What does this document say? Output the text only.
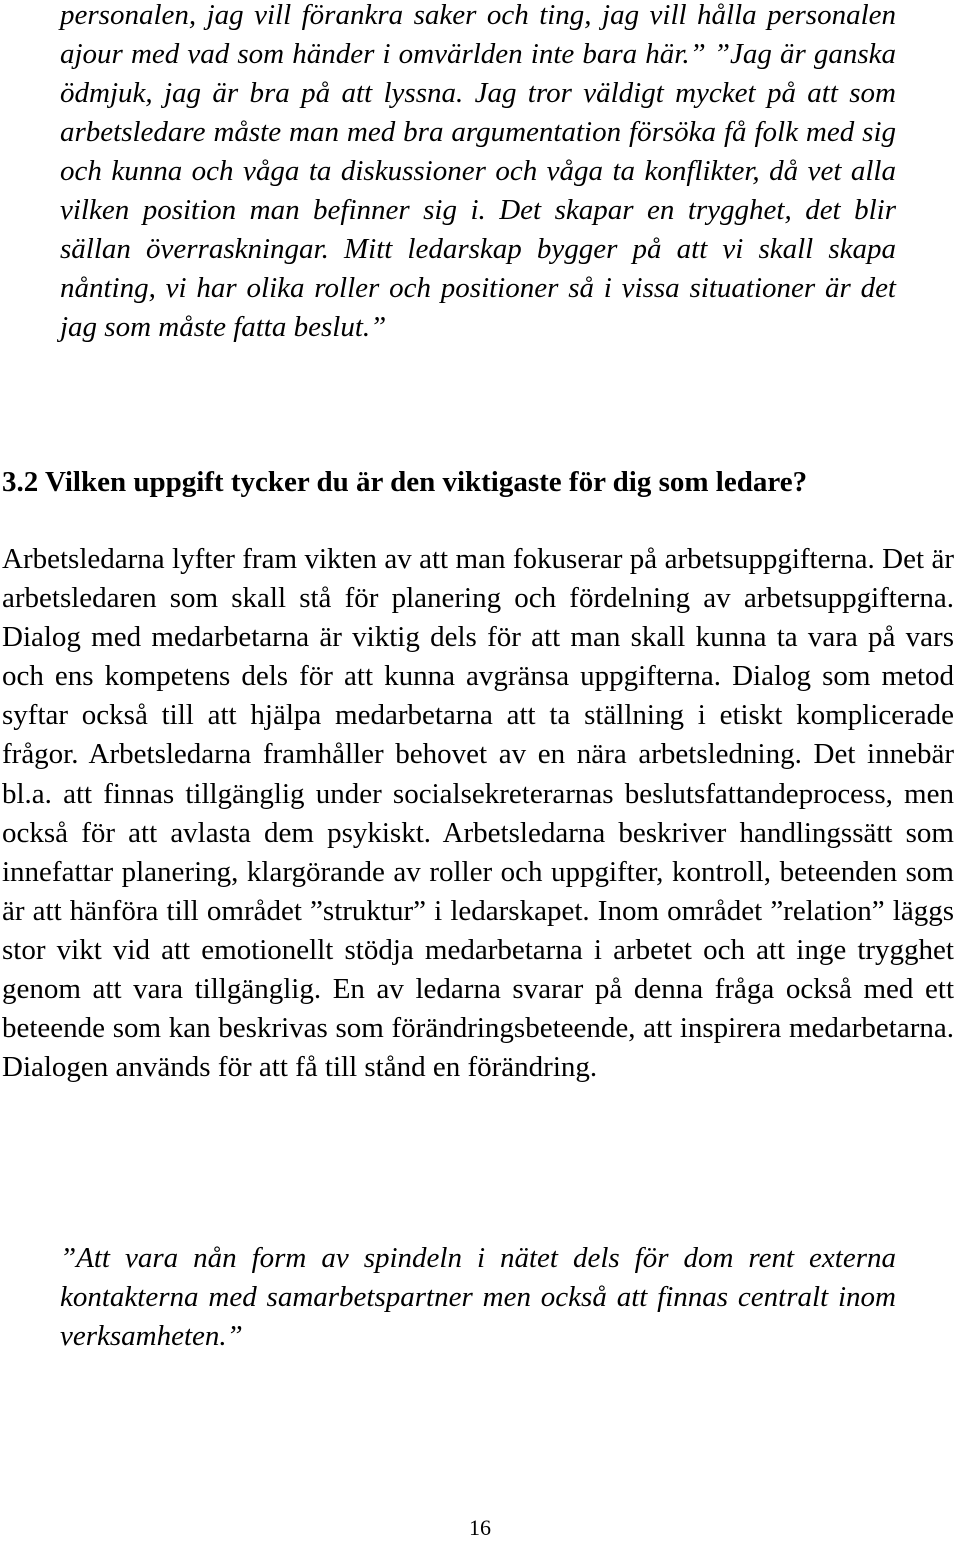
personalen, jag vill förankra saker och ting, jag vill hålla personalen ajour med vad som händer i omvärlden inte bara här.” ”Jag är ganska ödmjuk, jag är bra på att lyssna. Jag tror väldigt mycket på att som arbetsledare måste man med bra argumentation försöka få folk med sig och kunna och våga ta diskussioner och våga ta konflikter, då vet alla vilken position man befinner sig i. Det skapar en trygghet, det blir sällan överraskningar. Mitt ledarskap bygger på att vi skall skapa nånting, vi har olika roller och positioner så i vissa situationer är det jag som måste fatta beslut.”

3.2 Vilken uppgift tycker du är den viktigaste för dig som ledare?

Arbetsledarna lyfter fram vikten av att man fokuserar på arbetsuppgifterna. Det är arbetsledaren som skall stå för planering och fördelning av arbetsuppgifterna. Dialog med medarbetarna är viktig dels för att man skall kunna ta vara på vars och ens kompetens dels för att kunna avgränsa uppgifterna. Dialog som metod syftar också till att hjälpa medarbetarna att ta ställning i etiskt komplicerade frågor. Arbetsledarna framhåller behovet av en nära arbetsledning. Det innebär bl.a. att finnas tillgänglig under socialsekreterarnas beslutsfattandeprocess, men också för att avlasta dem psykiskt. Arbetsledarna beskriver handlingssätt som innefattar planering, klargörande av roller och uppgifter, kontroll, beteenden som är att hänföra till området ”struktur” i ledarskapet. Inom området ”relation” läggs stor vikt vid att emotionellt stödja medarbetarna i arbetet och att inge trygghet genom att vara tillgänglig. En av ledarna svarar på denna fråga också med ett beteende som kan beskrivas som förändringsbeteende, att inspirera medarbetarna. Dialogen används för att få till stånd en förändring.

”Att vara nån form av spindeln i nätet dels för dom rent externa kontakterna med samarbetspartner men också att finnas centralt inom verksamheten.”

16
